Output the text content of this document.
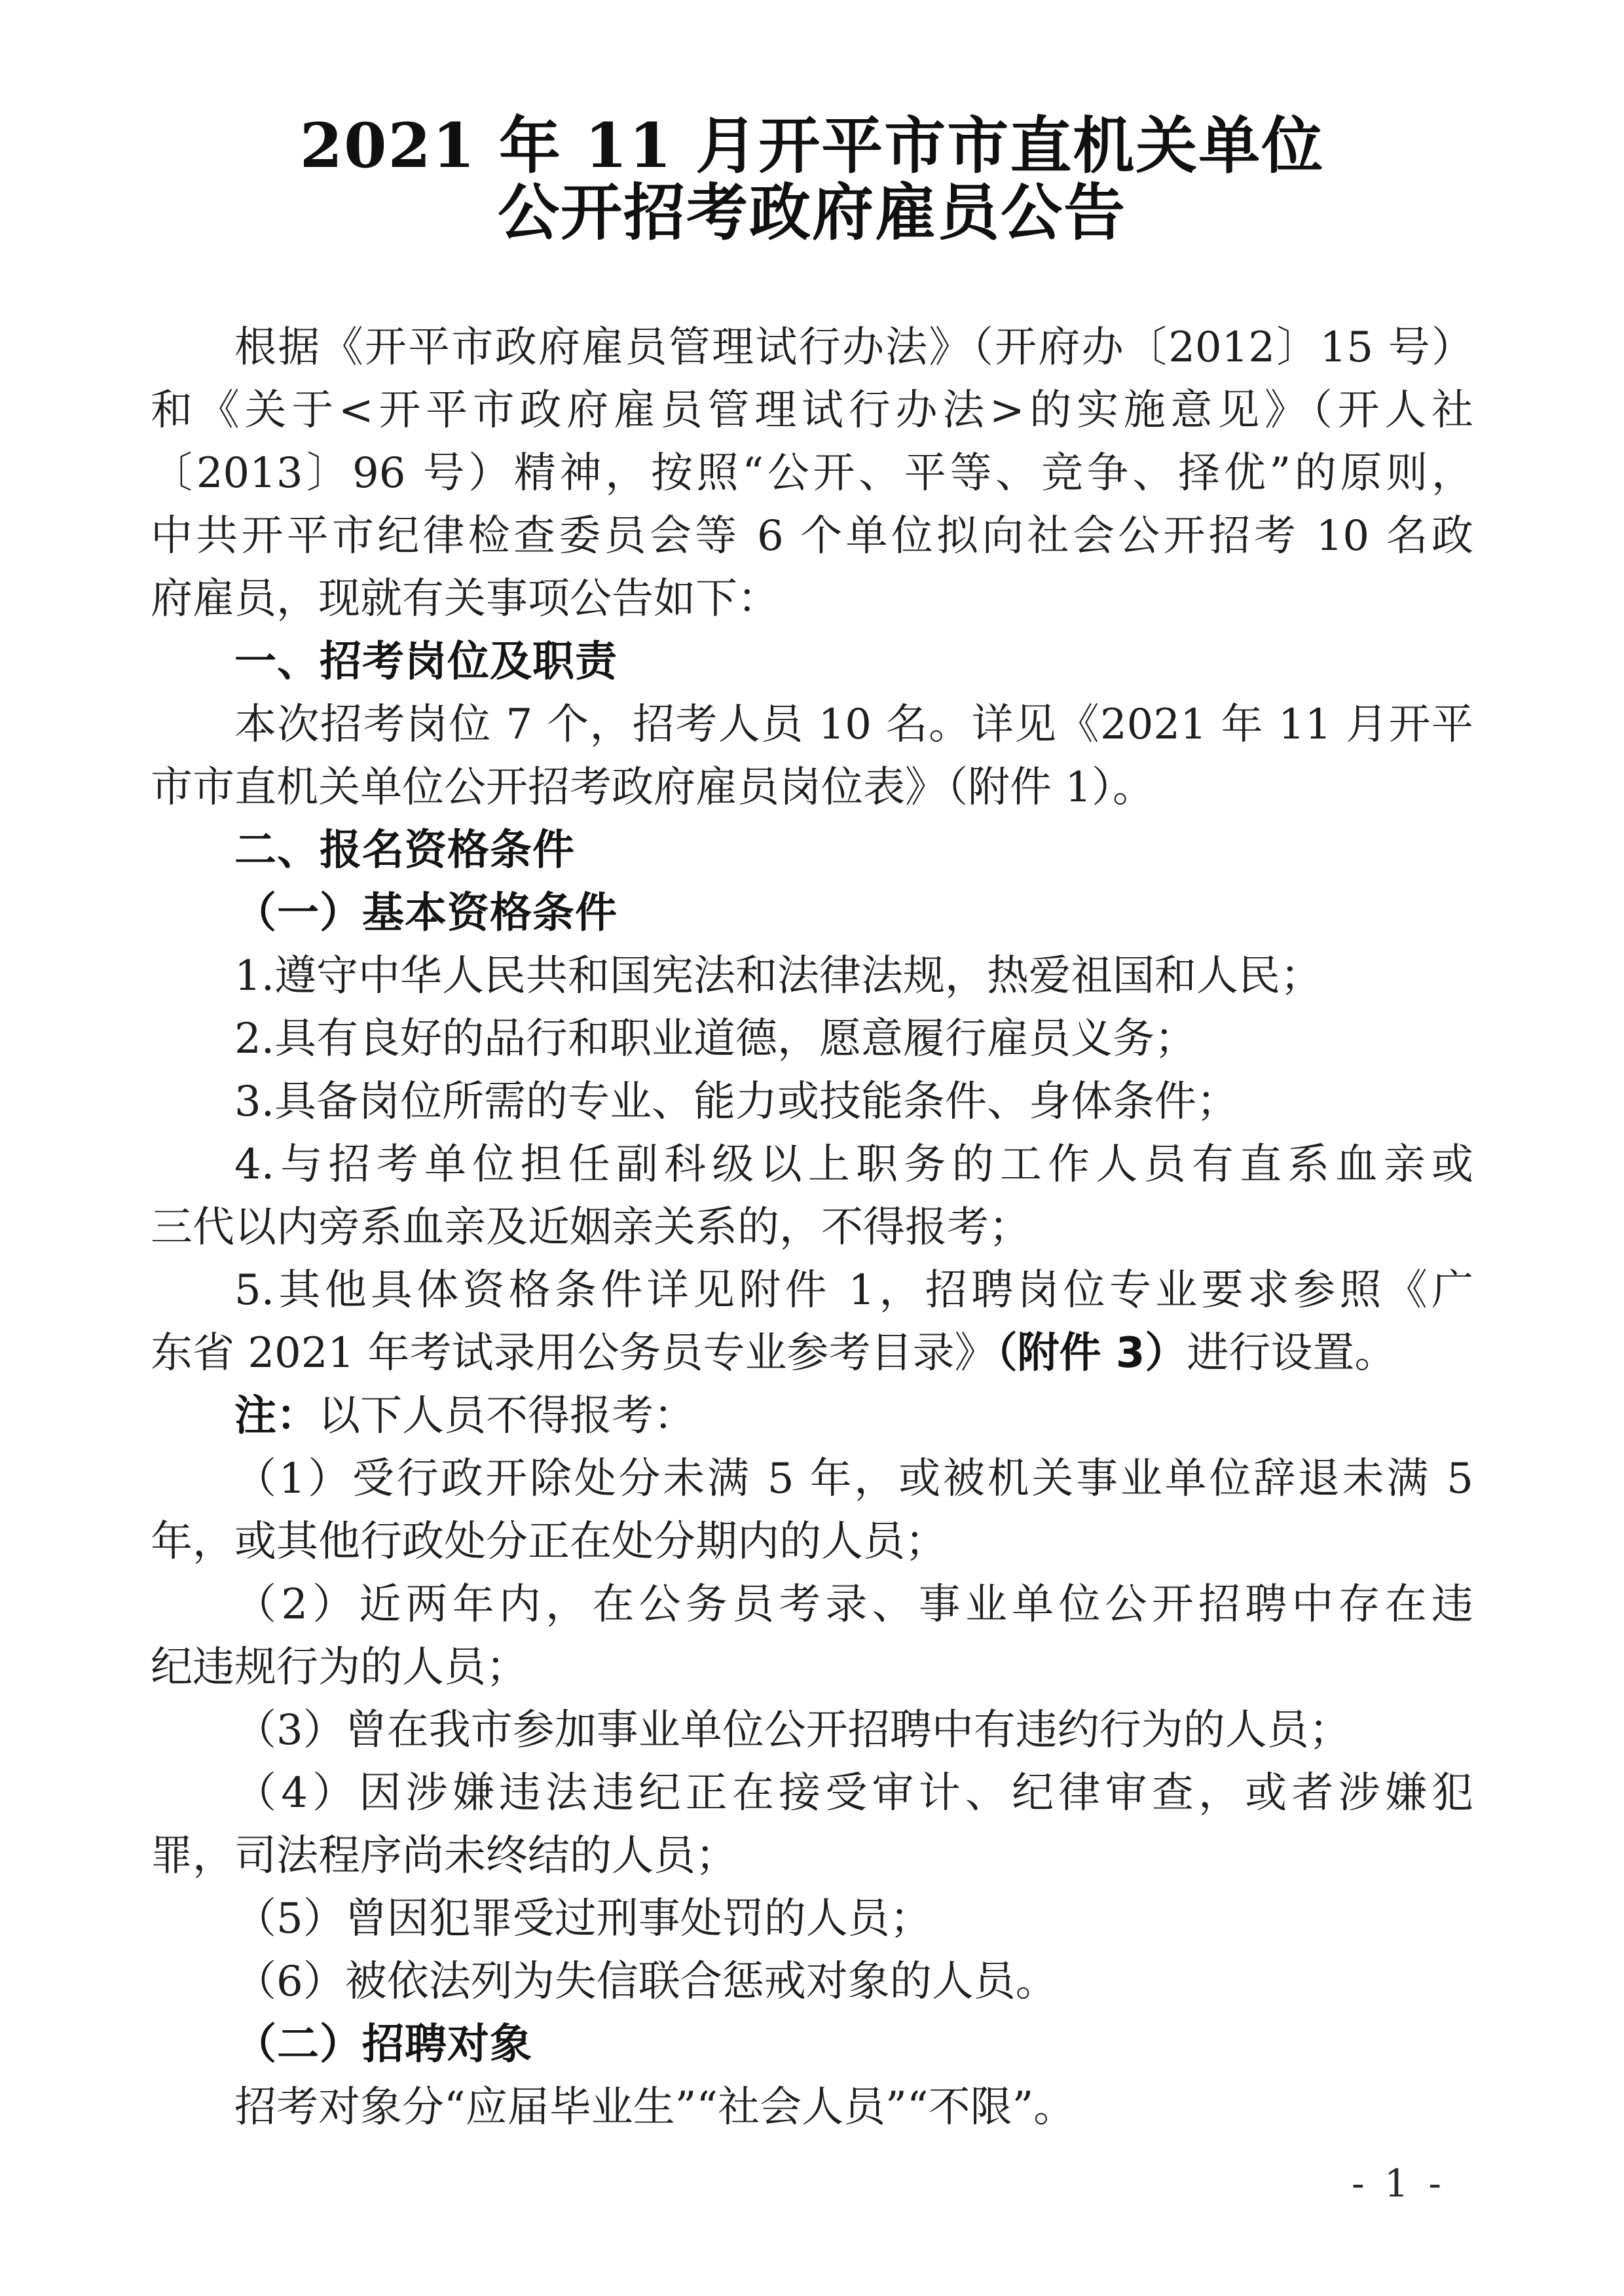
2021 年 11 月开平市市直机关单位
公开招考政府雇员公告
根据《开平市政府雇员管理试行办法》（开府办〔2012〕15 号）
和《关于<开平市政府雇员管理试行办法>的实施意见》（开人社
〔2013〕96 号）精神，按照“公开、平等、竞争、择优”的原则，
中共开平市纪律检查委员会等 6 个单位拟向社会公开招考 10 名政
府雇员，现就有关事项公告如下：
一、招考岗位及职责
本次招考岗位 7 个，招考人员 10 名。详见《2021 年 11 月开平
市市直机关单位公开招考政府雇员岗位表》（附件 1）。
二、报名资格条件
（一）基本资格条件
1.遵守中华人民共和国宪法和法律法规，热爱祖国和人民；
2.具有良好的品行和职业道德，愿意履行雇员义务；
3.具备岗位所需的专业、能力或技能条件、身体条件；
4.与招考单位担任副科级以上职务的工作人员有直系血亲或
三代以内旁系血亲及近姻亲关系的，不得报考；
5.其他具体资格条件详见附件 1，招聘岗位专业要求参照《广
东省 2021 年考试录用公务员专业参考目录》（附件 3）进行设置。
注：以下人员不得报考：
（1）受行政开除处分未满 5 年，或被机关事业单位辞退未满 5
年，或其他行政处分正在处分期内的人员；
（2）近两年内，在公务员考录、事业单位公开招聘中存在违
纪违规行为的人员；
（3）曾在我市参加事业单位公开招聘中有违约行为的人员；
（4）因涉嫌违法违纪正在接受审计、纪律审查，或者涉嫌犯
罪，司法程序尚未终结的人员；
（5）曾因犯罪受过刑事处罚的人员；
（6）被依法列为失信联合惩戒对象的人员。
（二）招聘对象
招考对象分“应届毕业生”“社会人员”“不限”。
- 1 -
